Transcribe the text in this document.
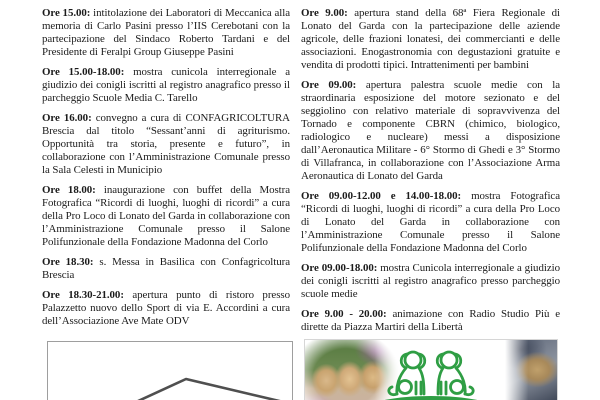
Ore 15.00: intitolazione dei Laboratori di Meccanica alla memoria di Carlo Pasini presso l’IIS Cerebotani con la partecipazione del Sindaco Roberto Tardani e del Presidente di Feralpi Group Giuseppe Pasini

Ore 15.00-18.00: mostra cunicola interregionale a giudizio dei conigli iscritti al registro anagrafico presso il parcheggio Scuole Media C. Tarello

Ore 16.00: convegno a cura di CONFAGRICOLTURA Brescia dal titolo “Sessant’anni di agriturismo. Opportunità tra storia, presente e futuro”, in collaborazione con l’Amministrazione Comunale presso la Sala Celesti in Municipio

Ore 18.00: inaugurazione con buffet della Mostra Fotografica “Ricordi di luoghi, luoghi di ricordi” a cura della Pro Loco di Lonato del Garda in collaborazione con l’Amministrazione Comunale presso il Salone Polifunzionale della Fondazione Madonna del Corlo

Ore 18.30: s. Messa in Basilica con Confagricoltura Brescia

Ore 18.30-21.00: apertura punto di ristoro presso Palazzetto nuovo dello Sport di via E. Accordini a cura dell’Associazione Ave Mate ODV

Ore 9.00: apertura stand della 68ª Fiera Regionale di Lonato del Garda con la partecipazione delle aziende agricole, delle frazioni lonatesi, dei commercianti e delle associazioni. Enogastronomia con degustazioni gratuite e vendita di prodotti tipici. Intrattenimenti per bambini

Ore 09.00: apertura palestra scuole medie con la straordinaria esposizione del motore sezionato e del seggiolino con relativo materiale di sopravvivenza del Tornado e componente CBRN (chimico, biologico, radiologico e nucleare) messi a disposizione dall’Aeronautica Militare - 6° Stormo di Ghedi e 3° Stormo di Villafranca, in collaborazione con l’Associazione Arma Aeronautica di Lonato del Garda

Ore 09.00-12.00 e 14.00-18.00: mostra Fotografica “Ricordi di luoghi, luoghi di ricordi” a cura della Pro Loco di Lonato del Garda in collaborazione con l’Amministrazione Comunale presso il Salone Polifunzionale della Fondazione Madonna del Corlo

Ore 09.00-18.00: mostra Cunicola interregionale a giudizio dei conigli iscritti al registro anagrafico presso parcheggio scuole medie

Ore 9.00 - 20.00: animazione con Radio Studio Più e dirette da Piazza Martiri della Libertà
